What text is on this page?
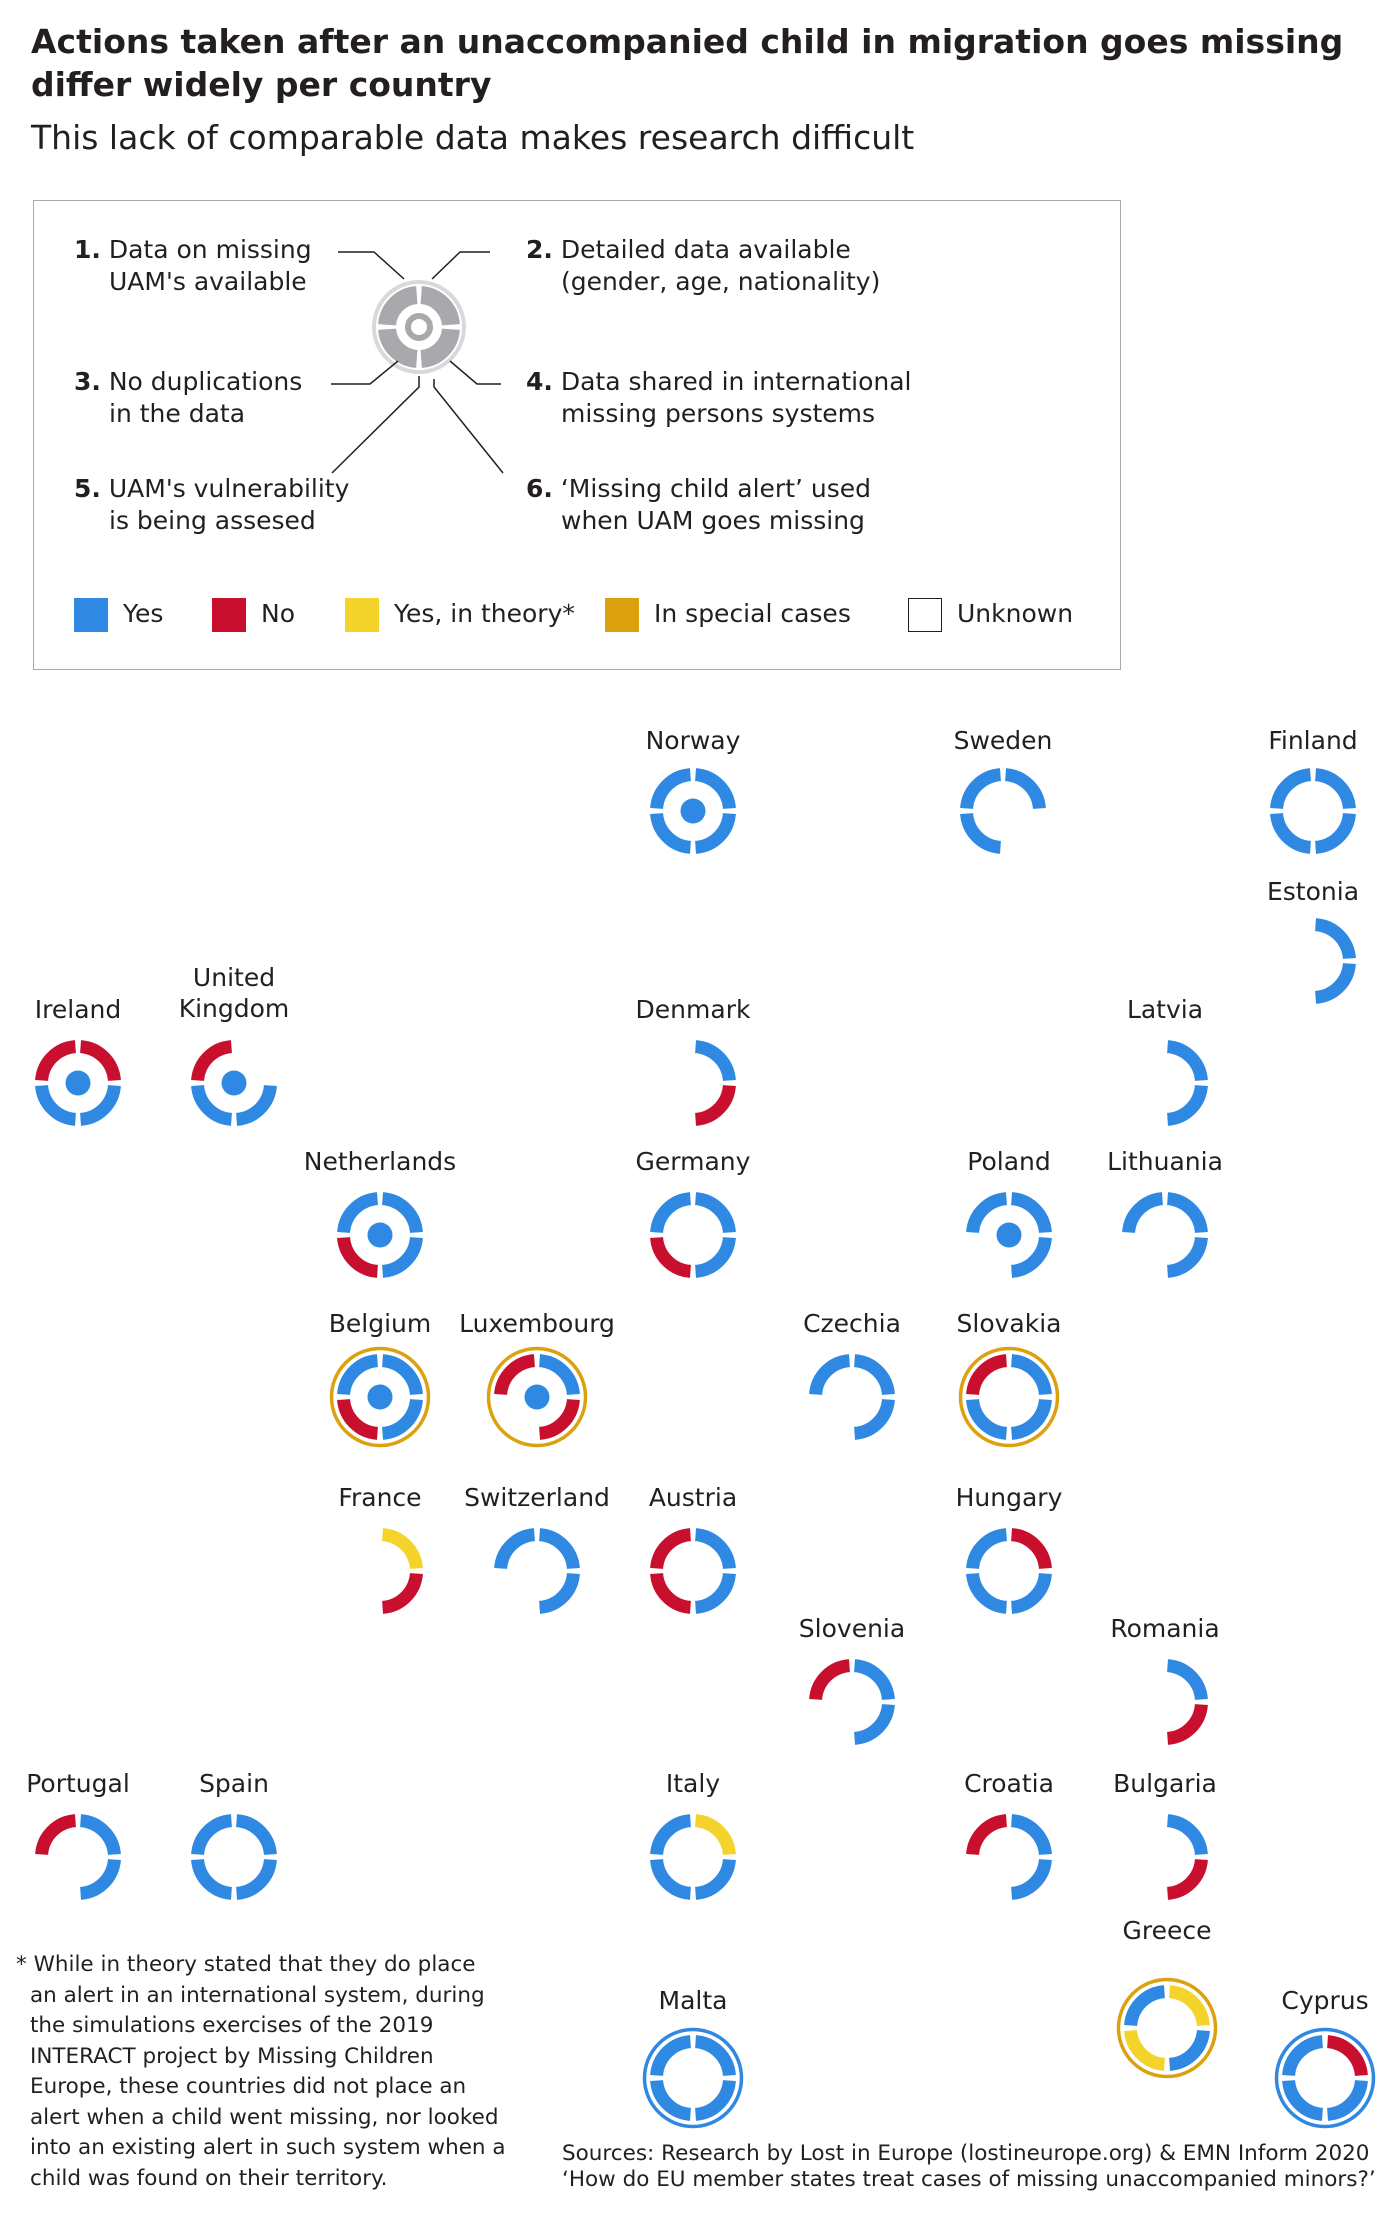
Actions taken after an unaccompanied child in migration goes missing differ widely per country

This lack of comparable data makes research difficult

1. Data on missing
UAM's available
2. Detailed data available
(gender, age, nationality)
3. No duplications
in the data
4. Data shared in international
missing persons systems
5. UAM's vulnerability
is being assesed
6. ‘Missing child alert’ used
when UAM goes missing
Yes	No	Yes, in theory*	In special cases	Unknown
Norway	Sweden	Finland
Estonia
Ireland
United
Kingdom	Denmark	Latvia
Netherlands	Germany	Poland	Lithuania
Belgium	Luxembourg	Czechia	Slovakia
France	Switzerland	Austria	Hungary
Slovenia	Romania
Portugal	Spain	Italy	Croatia	Bulgaria
Greece
Malta	Cyprus
* While in theory stated that they do place
an alert in an international system, during the simulations exercises of the 2019 INTERACT project by Missing Children Europe, these countries did not place an alert when a child went missing, nor looked into an existing alert in such system when a child was found on their territory.
Sources: Research by Lost in Europe (lostineurope.org) & EMN Inform 2020
‘How do EU member states treat cases of missing unaccompanied minors?’
